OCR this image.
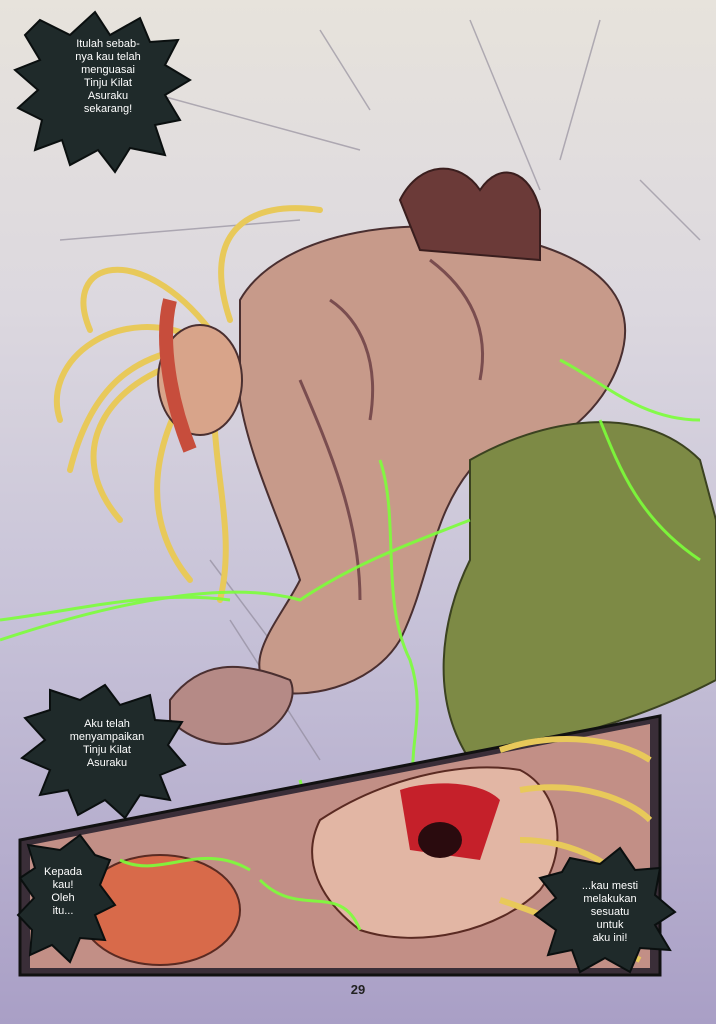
Itulah sebab-
nya kau telah
menguasai
Tinju Kilat
Asuraku
sekarang!
Aku telah
menyampaikan
Tinju Kilat
Asuraku
Kepada
kau!
Oleh
itu...
...kau mesti
melakukan
sesuatu
untuk
aku ini!
29
